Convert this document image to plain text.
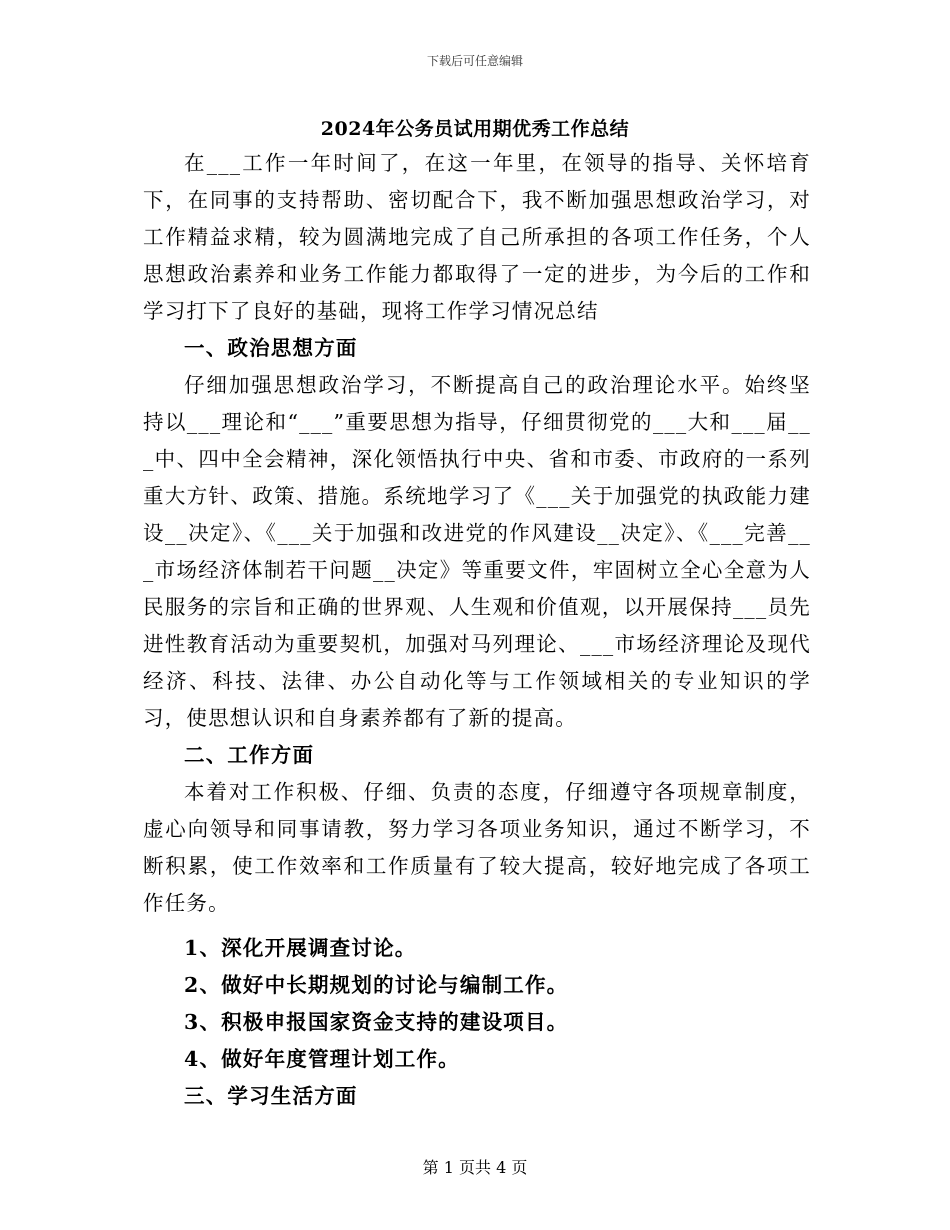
下载后可任意编辑
2024年公务员试用期优秀工作总结

在___工作一年时间了，在这一年里，在领导的指导、关怀培育下，在同事的支持帮助、密切配合下，我不断加强思想政治学习，对工作精益求精，较为圆满地完成了自己所承担的各项工作任务，个人思想政治素养和业务工作能力都取得了一定的进步，为今后的工作和学习打下了良好的基础，现将工作学习情况总结

一、政治思想方面

仔细加强思想政治学习，不断提高自己的政治理论水平。始终坚持以___理论和“___”重要思想为指导，仔细贯彻党的___大和___届___中、四中全会精神，深化领悟执行中央、省和市委、市政府的一系列重大方针、政策、措施。系统地学习了《___关于加强党的执政能力建设__决定》、《___关于加强和改进党的作风建设__决定》、《___完善___市场经济体制若干问题__决定》等重要文件，牢固树立全心全意为人民服务的宗旨和正确的世界观、人生观和价值观，以开展保持___员先进性教育活动为重要契机，加强对马列理论、___市场经济理论及现代经济、科技、法律、办公自动化等与工作领域相关的专业知识的学习，使思想认识和自身素养都有了新的提高。

二、工作方面

本着对工作积极、仔细、负责的态度，仔细遵守各项规章制度，虚心向领导和同事请教，努力学习各项业务知识，通过不断学习，不断积累，使工作效率和工作质量有了较大提高，较好地完成了各项工作任务。

1、深化开展调查讨论。

2、做好中长期规划的讨论与编制工作。

3、积极申报国家资金支持的建设项目。

4、做好年度管理计划工作。

三、学习生活方面

第 1 页共 4 页
